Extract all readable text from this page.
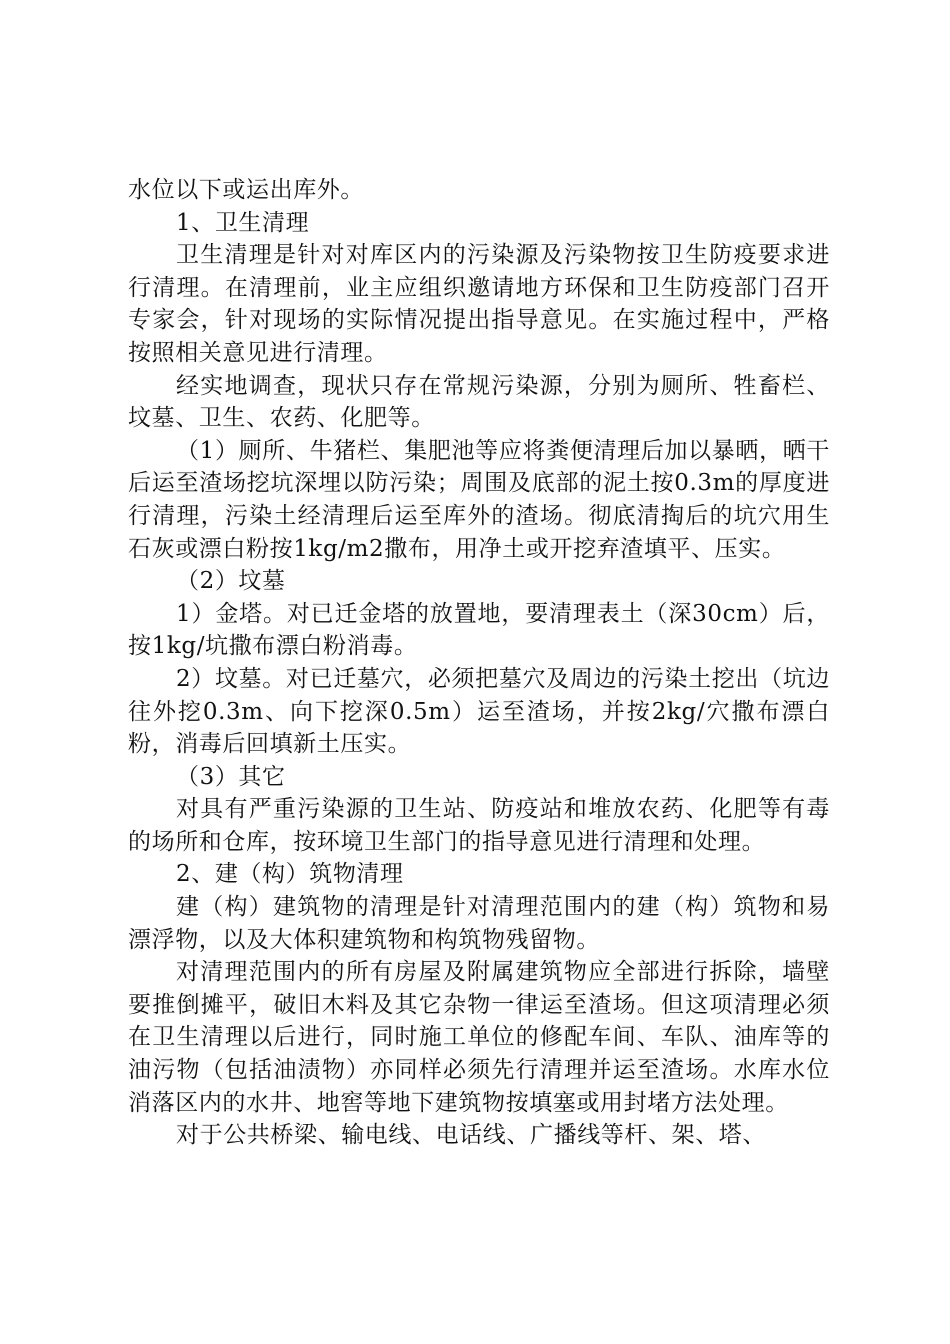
水位以下或运出库外。

1、卫生清理

卫生清理是针对对库区内的污染源及污染物按卫生防疫要求进行清理。在清理前，业主应组织邀请地方环保和卫生防疫部门召开专家会，针对现场的实际情况提出指导意见。在实施过程中，严格按照相关意见进行清理。

经实地调查，现状只存在常规污染源，分别为厕所、牲畜栏、坟墓、卫生、农药、化肥等。

（1）厕所、牛猪栏、集肥池等应将粪便清理后加以暴晒，晒干后运至渣场挖坑深埋以防污染；周围及底部的泥土按0.3m的厚度进行清理，污染土经清理后运至库外的渣场。彻底清掏后的坑穴用生石灰或漂白粉按1kg/m2撒布，用净土或开挖弃渣填平、压实。

（2）坟墓

1）金塔。对已迁金塔的放置地，要清理表土（深30cm）后，按1kg/坑撒布漂白粉消毒。

2）坟墓。对已迁墓穴，必须把墓穴及周边的污染土挖出（坑边往外挖0.3m、向下挖深0.5m）运至渣场，并按2kg/穴撒布漂白粉，消毒后回填新土压实。

（3）其它

对具有严重污染源的卫生站、防疫站和堆放农药、化肥等有毒的场所和仓库，按环境卫生部门的指导意见进行清理和处理。

2、建（构）筑物清理

建（构）建筑物的清理是针对清理范围内的建（构）筑物和易漂浮物，以及大体积建筑物和构筑物残留物。

对清理范围内的所有房屋及附属建筑物应全部进行拆除，墙壁要推倒摊平，破旧木料及其它杂物一律运至渣场。但这项清理必须在卫生清理以后进行，同时施工单位的修配车间、车队、油库等的油污物（包括油渍物）亦同样必须先行清理并运至渣场。水库水位消落区内的水井、地窖等地下建筑物按填塞或用封堵方法处理。

对于公共桥梁、输电线、电话线、广播线等杆、架、塔、
